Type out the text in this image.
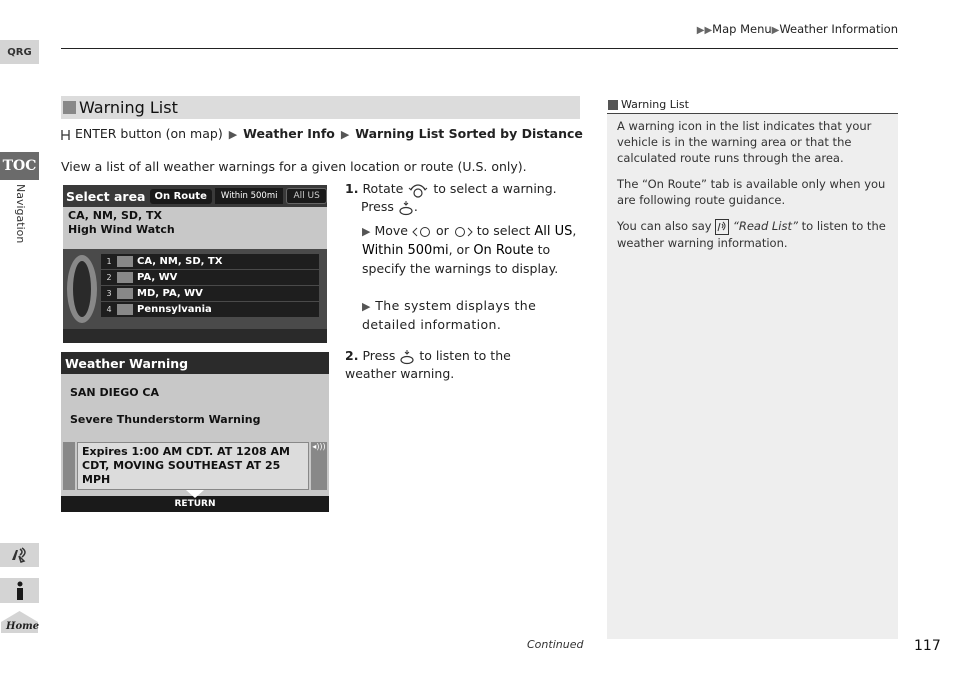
QRG
TOC
Navigation
Home
▶▶Map Menu▶Weather Information
Warning List
ENTER button (on map) ▶ Weather Info ▶ Warning List Sorted by Distance
View a list of all weather warnings for a given location or route (U.S. only).
Select area On Route	Within 500mi	All US
CA, NM, SD, TX
High Wind Watch
1	CA, NM, SD, TX
2	PA, WV
3	MD, PA, WV
4	Pennsylvania
Weather Warning
SAN DIEGO CA
Severe Thunderstorm Warning
Expires 1:00 AM CDT. AT 1208 AM CDT, MOVING SOUTHEAST AT 25 MPH
◂)))
RETURN
1. Rotate to select a warning.
Press .
▶ Move or to select All US, Within 500mi, or On Route to specify the warnings to display.
▶ The system displays the detailed information.
2. Press to listen to the weather warning.
Warning List

A warning icon in the list indicates that your vehicle is in the warning area or that the calculated route runs through the area.

The “On Route” tab is available only when you are following route guidance.

You can also say “Read List” to listen to the weather warning information.

Continued	117
